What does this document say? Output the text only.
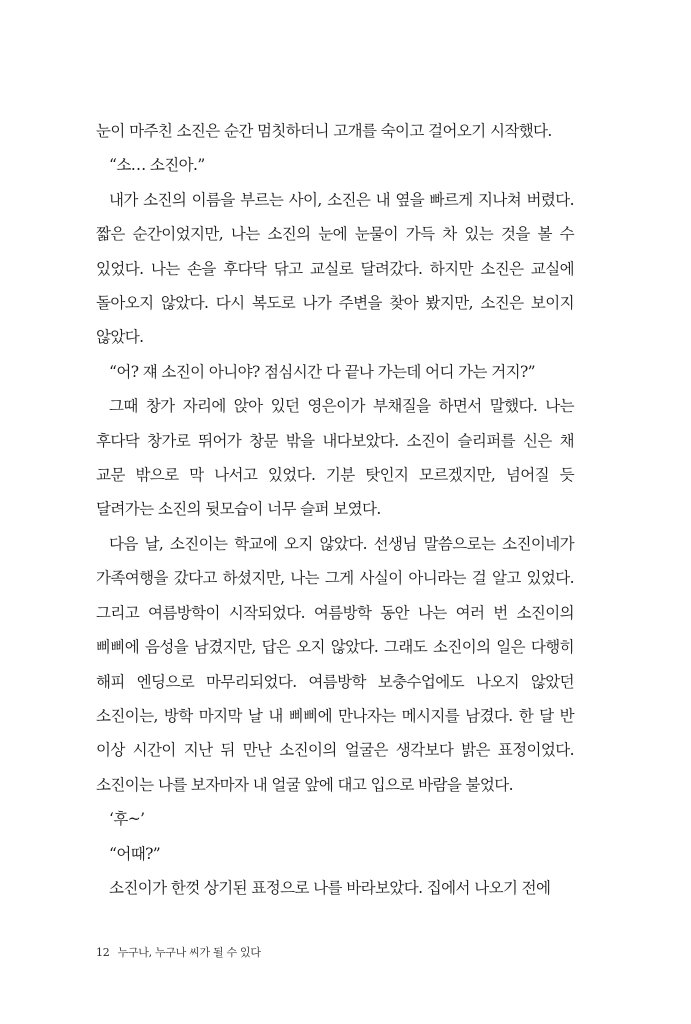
눈이 마주친 소진은 순간 멈칫하더니 고개를 숙이고 걸어오기 시작했다.

“소… 소진아.”

내가 소진의 이름을 부르는 사이, 소진은 내 옆을 빠르게 지나쳐 버렸다. 짧은 순간이었지만, 나는 소진의 눈에 눈물이 가득 차 있는 것을 볼 수 있었다. 나는 손을 후다닥 닦고 교실로 달려갔다. 하지만 소진은 교실에 돌아오지 않았다. 다시 복도로 나가 주변을 찾아 봤지만, 소진은 보이지 않았다.

“어? 쟤 소진이 아니야? 점심시간 다 끝나 가는데 어디 가는 거지?”

그때 창가 자리에 앉아 있던 영은이가 부채질을 하면서 말했다. 나는 후다닥 창가로 뛰어가 창문 밖을 내다보았다. 소진이 슬리퍼를 신은 채 교문 밖으로 막 나서고 있었다. 기분 탓인지 모르겠지만, 넘어질 듯 달려가는 소진의 뒷모습이 너무 슬퍼 보였다.

다음 날, 소진이는 학교에 오지 않았다. 선생님 말씀으로는 소진이네가 가족여행을 갔다고 하셨지만, 나는 그게 사실이 아니라는 걸 알고 있었다. 그리고 여름방학이 시작되었다. 여름방학 동안 나는 여러 번 소진이의 삐삐에 음성을 남겼지만, 답은 오지 않았다. 그래도 소진이의 일은 다행히 해피 엔딩으로 마무리되었다. 여름방학 보충수업에도 나오지 않았던 소진이는, 방학 마지막 날 내 삐삐에 만나자는 메시지를 남겼다. 한 달 반 이상 시간이 지난 뒤 만난 소진이의 얼굴은 생각보다 밝은 표정이었다. 소진이는 나를 보자마자 내 얼굴 앞에 대고 입으로 바람을 불었다.

‘후~’

“어때?”

소진이가 한껏 상기된 표정으로 나를 바라보았다. 집에서 나오기 전에

12 누구나, 누구나 씨가 될 수 있다
